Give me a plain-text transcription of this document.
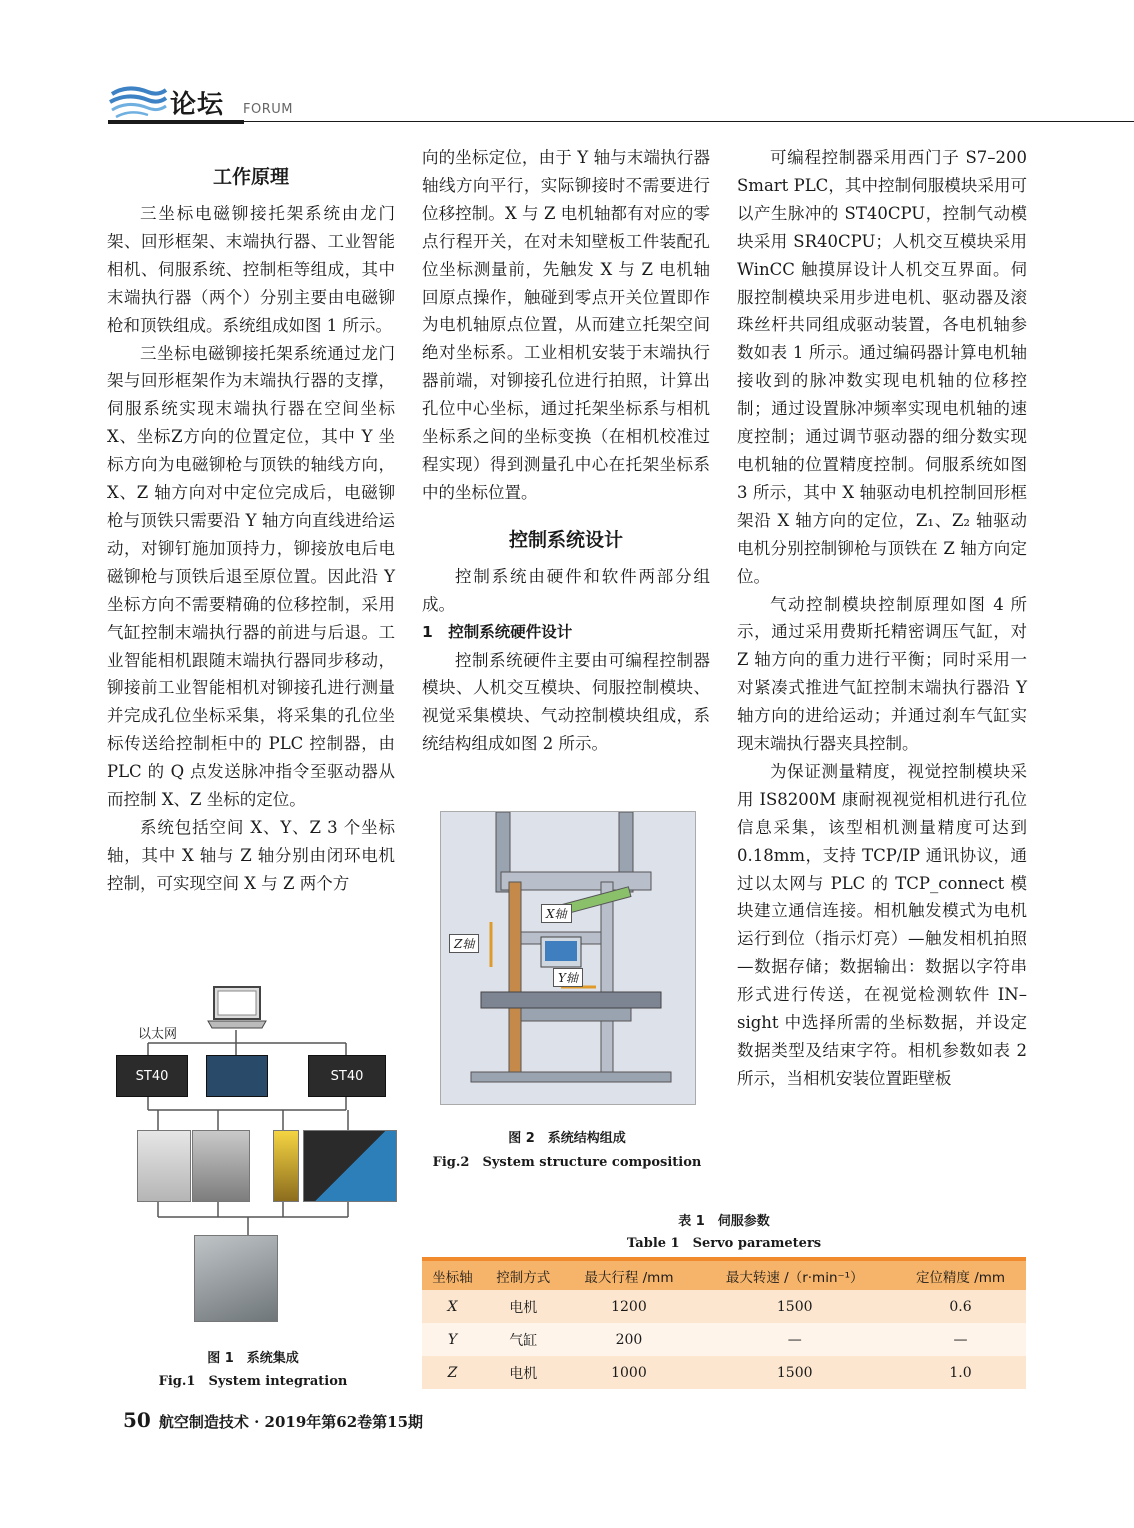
论坛 FORUM

工作原理

三坐标电磁铆接托架系统由龙门架、回形框架、末端执行器、工业智能相机、伺服系统、控制柜等组成，其中末端执行器（两个）分别主要由电磁铆枪和顶铁组成。系统组成如图 1 所示。

三坐标电磁铆接托架系统通过龙门架与回形框架作为末端执行器的支撑，伺服系统实现末端执行器在空间坐标X、坐标Z方向的位置定位，其中 Y 坐标方向为电磁铆枪与顶铁的轴线方向，X、Z 轴方向对中定位完成后，电磁铆枪与顶铁只需要沿 Y 轴方向直线进给运动，对铆钉施加顶持力，铆接放电后电磁铆枪与顶铁后退至原位置。因此沿 Y 坐标方向不需要精确的位移控制，采用气缸控制末端执行器的前进与后退。工业智能相机跟随末端执行器同步移动，铆接前工业智能相机对铆接孔进行测量并完成孔位坐标采集，将采集的孔位坐标传送给控制柜中的 PLC 控制器，由 PLC 的 Q 点发送脉冲指令至驱动器从而控制 X、Z 坐标的定位。

系统包括空间 X、Y、Z 3 个坐标轴，其中 X 轴与 Z 轴分别由闭环电机控制，可实现空间 X 与 Z 两个方

向的坐标定位，由于 Y 轴与末端执行器轴线方向平行，实际铆接时不需要进行位移控制。X 与 Z 电机轴都有对应的零点行程开关，在对未知壁板工件装配孔位坐标测量前，先触发 X 与 Z 电机轴回原点操作，触碰到零点开关位置即作为电机轴原点位置，从而建立托架空间绝对坐标系。工业相机安装于末端执行器前端，对铆接孔位进行拍照，计算出孔位中心坐标，通过托架坐标系与相机坐标系之间的坐标变换（在相机校准过程实现）得到测量孔中心在托架坐标系中的坐标位置。

控制系统设计

控制系统由硬件和软件两部分组成。

1　控制系统硬件设计

控制系统硬件主要由可编程控制器模块、人机交互模块、伺服控制模块、视觉采集模块、气动控制模块组成，系统结构组成如图 2 所示。

可编程控制器采用西门子 S7–200 Smart PLC，其中控制伺服模块采用可以产生脉冲的 ST40CPU，控制气动模块采用 SR40CPU；人机交互模块采用 WinCC 触摸屏设计人机交互界面。伺服控制模块采用步进电机、驱动器及滚珠丝杆共同组成驱动装置，各电机轴参数如表 1 所示。通过编码器计算电机轴接收到的脉冲数实现电机轴的位移控制；通过设置脉冲频率实现电机轴的速度控制；通过调节驱动器的细分数实现电机轴的位置精度控制。伺服系统如图 3 所示，其中 X 轴驱动电机控制回形框架沿 X 轴方向的定位，Z₁、Z₂ 轴驱动电机分别控制铆枪与顶铁在 Z 轴方向定位。

气动控制模块控制原理如图 4 所示，通过采用费斯托精密调压气缸，对 Z 轴方向的重力进行平衡；同时采用一对紧凑式推进气缸控制末端执行器沿 Y 轴方向的进给运动；并通过刹车气缸实现末端执行器夹具控制。

为保证测量精度，视觉控制模块采用 IS8200M 康耐视视觉相机进行孔位信息采集，该型相机测量精度可达到 0.18mm，支持 TCP/IP 通讯协议，通过以太网与 PLC 的 TCP_connect 模块建立通信连接。相机触发模式为电机运行到位（指示灯亮）—触发相机拍照—数据存储；数据输出：数据以字符串形式进行传送，在视觉检测软件 IN–sight 中选择所需的坐标数据，并设定数据类型及结束字符。相机参数如表 2 所示，当相机安装位置距壁板

以太网
ST40	ST40
图 1　系统集成
Fig.1　System integration
X轴
Z轴
Y轴
图 2　系统结构组成
Fig.2　System structure composition
表 1　伺服参数
Table 1　Servo parameters
坐标轴	控制方式	最大行程 /mm	最大转速 /（r·min⁻¹）	定位精度 /mm
X	电机	1200	1500	0.6
Y	气缸	200	—	—
Z	电机	1000	1500	1.0
50 航空制造技术 · 2019年第62卷第15期
